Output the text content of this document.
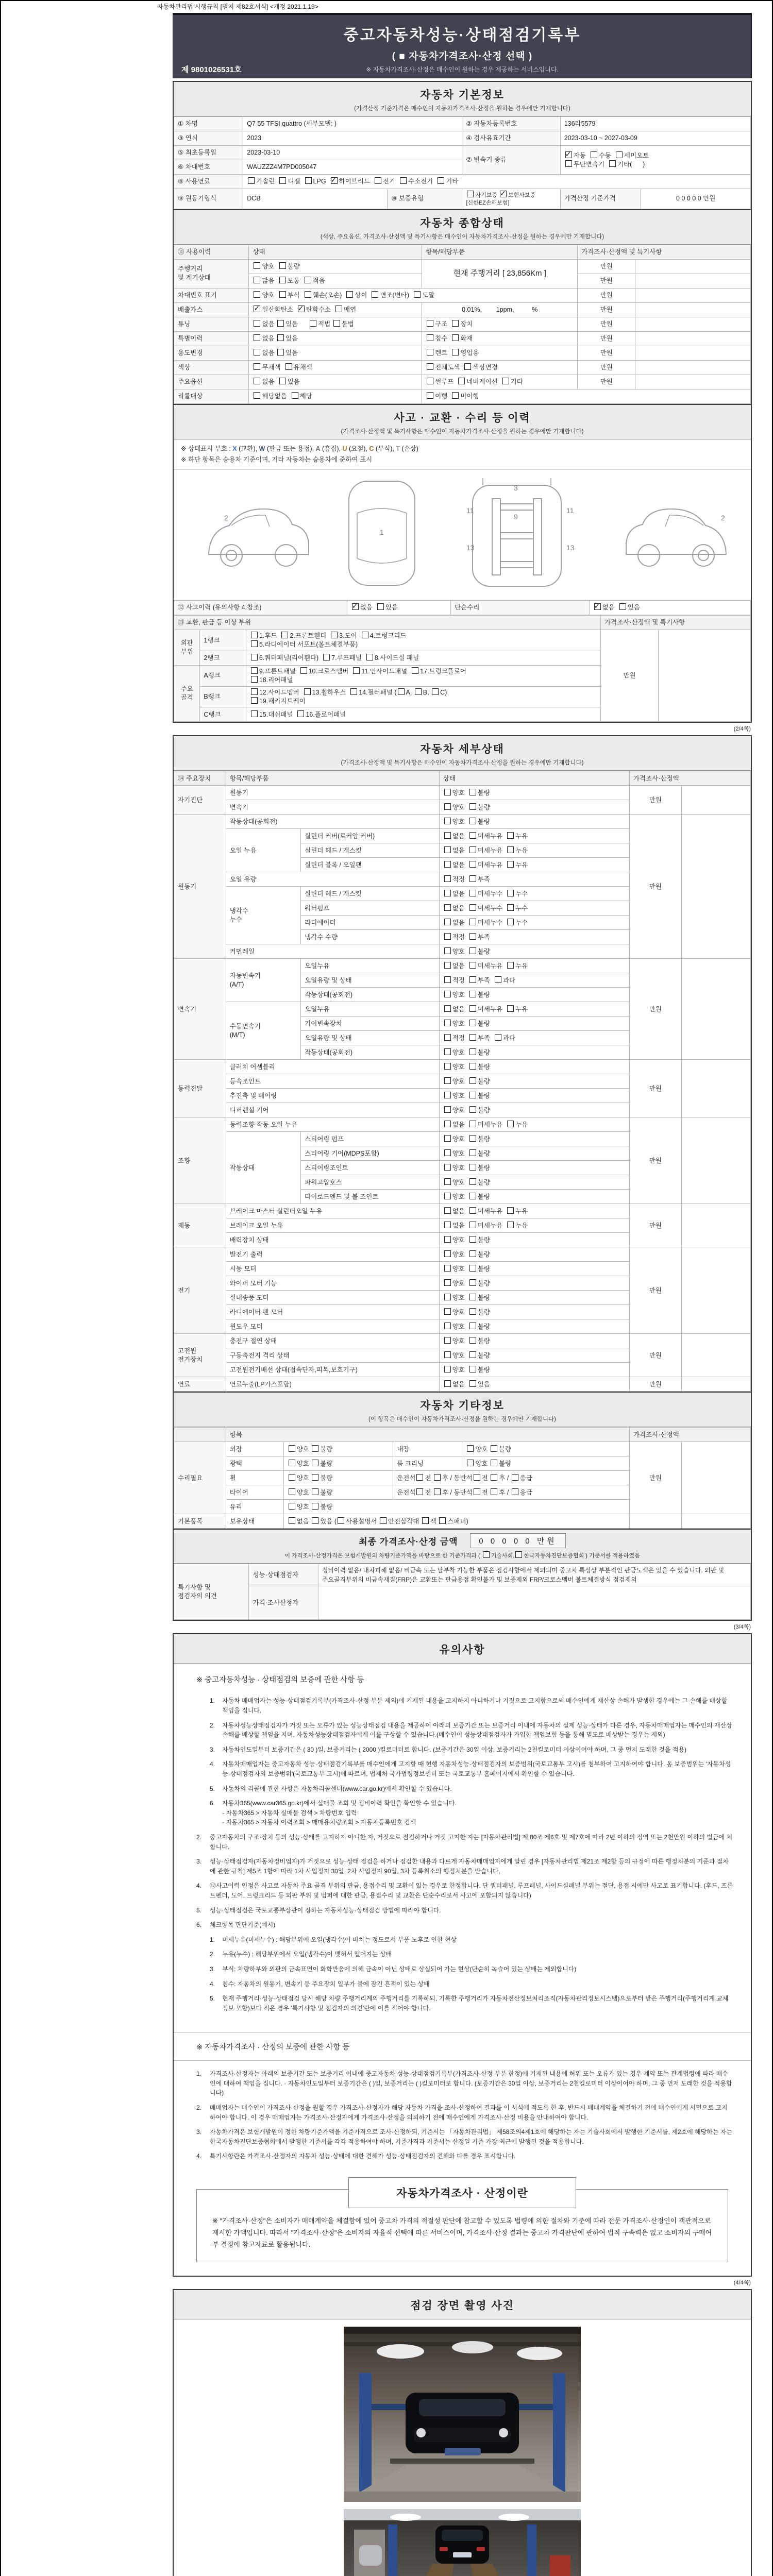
자동차관리법 시행규칙 [별지 제82호서식] <개정 2021.1.19>
중고자동차성능·상태점검기록부
( ■ 자동차가격조사·산정 선택 )
※ 자동차가격조사·산정은 매수인이 원하는 경우 제공하는 서비스입니다.
제 9801026531호
자동차 기본정보
(가격산정 기준가격은 매수인이 자동차가격조사·산정을 원하는 경우에만 기재합니다)
① 차명	Q7 55 TFSI quattro (세부모델: )		② 자동차등록번호	136라5579	
③ 연식	2023		④ 검사유효기간	2023-03-10 ~ 2027-03-09	
⑤ 최초등록일	2023-03-10		⑦ 변속기 종류	✓자동  수동  세미오토
무단변속기  기타(      )
⑥ 차대번호	WAUZZZ4M7PD005047				
⑧ 사용연료	가솔린  디젤  LPG   ✓하이브리드  전기  수소전기  기타
⑨ 원동기형식	DCB	⑩ 보증유형	자기보증  ✓보험사보증 [신한EZ손해보험]	가격산정 기준가격	0 0 0 0 0 만원
자동차 종합상태
(색상, 주요옵션, 가격조사·산정액 및 특기사항은 매수인이 자동차가격조사·산정을 원하는 경우에만 기재합니다)
⑪ 사용이력	상태	항목/해당부품	가격조사·산정액 및 특기사항	
주행거리
및 계기상태	양호  불량	현재 주행거리 [ 23,856Km ]	만원	
	많음  보통  적음		만원	
차대번호 표기	양호  부식  훼손(오손)  상이  변조(변타)  도말		만원	
배출가스	✓일산화탄소   ✓탄화수소  매연	0.01%,        1ppm,          %	만원	
튜닝	없음 있음      적법 불법	구조  장치	만원	
특별이력	없음 있음	침수  화재	만원	
용도변경	없음 있음	렌트  영업용	만원	
색상	무채색  유채색	전체도색  색상변경	만원	
주요옵션	없음  있음	썬루프  네비게이션  기타	만원	
리콜대상	해당없음  해당	이행  미이행		
사고 · 교환 · 수리 등 이력
(가격조사·산정액 및 특기사항은 매수인이 자동차가격조사·산정을 원하는 경우에만 기재합니다)
※ 상태표시 부호 : X (교환), W (판금 또는 용접), A (흠집), U (요철), C (부식), T (손상)
※ 하단 항목은 승용차 기준이며, 기타 자동차는 승용차에 준하여 표시
2
1
3
9
11	11
13	13
2
⑫ 사고이력 (유의사항 4.참조)	✓없음  있음	단순수리	✓없음  있음
⑬ 교환, 판금 등 이상 부위			가격조사·산정액 및 특기사항	
외판
부위	1랭크	1.후드  2.프론트휀더  3.도어  4.트렁크리드
5.라디에이터 서포트(볼트체결부품)	만원	
	2랭크	6.쿼터패널(리어휀다)  7.루프패널  8.사이드실 패널		
주요
골격	A랭크	9.프론트패널  10.크로스멤버  11.인사이드패널  17.트렁크플로어
18.리어패널		
	B랭크	12.사이드멤버  13.휠하우스  14.필러패널 ( A, B, C)
19.패키지트레이		
	C랭크	15.대쉬패널  16.플로어패널		
(2/4쪽)
자동차 세부상태
(가격조사·산정액 및 특기사항은 매수인이 자동차가격조사·산정을 원하는 경우에만 기재합니다)
⑭ 주요장치	항목/해당부품		상태	가격조사·산정액	
자기진단	원동기		양호  불량	만원	
	변속기		양호  불량		
원동기	작동상태(공회전)		양호  불량	만원	
	오일 누유	실린더 커버(로커암 커버)	없음  미세누유  누유		
		실린더 헤드 / 개스킷	없음  미세누유  누유		
		실린더 블록 / 오일팬	없음  미세누유  누유		
	오일 유량		적정  부족		
	냉각수
누수	실린더 헤드 / 개스킷	없음  미세누수  누수		
		워터펌프	없음  미세누수  누수		
		라디에이터	없음  미세누수  누수		
		냉각수 수량	적정  부족		
	커먼레일		양호  불량		
변속기	자동변속기
(A/T)	오일누유	없음  미세누유  누유	만원	
		오일유량 및 상태	적정  부족  과다		
		작동상태(공회전)	양호  불량		
	수동변속기
(M/T)	오일누유	없음  미세누유  누유		
		기어변속장치	양호  불량		
		오일유량 및 상태	적정  부족  과다		
		작동상태(공회전)	양호  불량		
동력전달	클러치 어셈블리		양호  불량	만원	
	등속조인트		양호  불량		
	추진축 및 베어링		양호  불량		
	디퍼렌셜 기어		양호  불량		
조향	동력조향 작동 오일 누유		없음  미세누유  누유	만원	
	작동상태	스티어링 펌프	양호  불량		
		스티어링 기어(MDPS포함)	양호  불량		
		스티어링조인트	양호  불량		
		파워고압호스	양호  불량		
		타이로드엔드 및 볼 조인트	양호  불량		
제동	브레이크 마스터 실린더오일 누유		없음  미세누유  누유	만원	
	브레이크 오일 누유		없음  미세누유  누유		
	배력장치 상태		양호  불량		
전기	발전기 출력		양호  불량	만원	
	시동 모터		양호  불량		
	와이퍼 모터 기능		양호  불량		
	실내송풍 모터		양호  불량		
	라디에이터 팬 모터		양호  불량		
	윈도우 모터		양호  불량		
고전원
전기장치	충전구 절연 상태		양호  불량	만원	
	구동축전지 격리 상태		양호  불량		
	고전원전기배선 상태(접속단자,피복,보호기구)		양호  불량		
연료	연료누출(LP가스포함)		없음  있음	만원	
자동차 기타정보
(이 항목은 매수인이 자동차가격조사·산정을 원하는 경우에만 기재합니다)
	항목				가격조사·산정액	
수리필요	외장	양호 불량	내장	양호 불량	만원	
	광택	양호 불량	룸 크리닝	양호 불량		
	휠	양호 불량	운전석 전 후 / 동반석 전 후 / 응급			
	타이어	양호 불량	운전석 전 후 / 동반석 전 후 / 응급			
	유리	양호 불량				
기본품목	보유상태	없음 있음 ( 사용설명서 안전삼각대 잭 스패너)				
최종 가격조사·산정 금액	0 0 0 0 0 만원
이 가격조사·산정가격은 보험개발원의 차량기준가액을 바탕으로 한 기준가격과 ( 기술사회, 한국자동차진단보증협회 ) 기준서를 적용하였음
특기사항 및
점검자의 의견	성능·상태점검자	정비이력 없음/ 내차피해 없음/ 비금속 또는 탈부착 가능한 부품은 점검사항에서 제외되며 중고차 특성상 부분적인 판금도색은 있을 수 있습니다. 외판 및 주요골격부위의 비금속재질(FRP)은 교환또는 판금용접 확인불가 및 보증제외 FRP/크로스멤버 볼트체결방식 점검제외
	가격·조사산정자	
(3/4쪽)
유의사항
※ 중고자동차성능 · 상태점검의 보증에 관한 사항 등
1.	자동차 매매업자는 성능·상태점검기록부(가격조사·산정 부분 제외)에 기재된 내용을 고지하지 아니하거나 거짓으로 고지함으로써 매수인에게 재산상 손해가 발생한 경우에는 그 손해를 배상할 책임을 집니다.
2.	자동차성능상태점검자가 거짓 또는 오류가 있는 성능상태점검 내용을 제공하여 아래의 보증기간 또는 보증거리 이내에 자동차의 실제 성능·상태가 다른 경우, 자동차매매업자는 매수인의 재산상 손해를 배상할 책임을 지며, 자동차성능상태점검자에게 이를 구상할 수 있습니다.(매수인이 성능상태점검자가 가입한 책임보험 등을 통해 별도로 배상받는 경우는 제외)
3.	자동차인도일부터 보증기간은 ( 30 )일, 보증거리는 ( 2000 )킬로미터로 합니다. (보증기간은 30일 이상, 보증거리는 2천킬로미터 이상이어야 하며, 그 중 먼저 도래한 것을 적용)
4.	자동차매매업자는 중고자동차 성능·상태점검기록부를 매수인에게 고지할 때 현행 자동차성능·상태점검자의 보증범위(국토교통부 고시)를 첨부하여 고지하여야 합니다. 동 보증범위는 '자동차성능·상태점검자의 보증범위'(국토교통부 고시)에 따르며, 법제처 국가법령정보센터 또는 국토교통부 홈페이지에서 확인할 수 있습니다.
5.	자동차의 리콜에 관한 사항은 자동차리콜센터(www.car.go.kr)에서 확인할 수 있습니다.
6.	자동차365(www.car365.go.kr)에서 실매물 조회 및 정비이력 확인을 확인할 수 있습니다.
- 자동차365 > 자동차 실매물 검색 > 차량번호 입력
- 자동차365 > 자동차 이력조회 > 매매용차량조회 > 자동차등록번호 검색
2.	중고자동차의 구조·장치 등의 성능·상태를 고지하지 아니한 자, 거짓으로 점검하거나 거짓 고지한 자는 [자동차관리법] 제 80조 제6호 및 제7호에 따라 2년 이하의 징역 또는 2천만원 이하의 벌금에 처합니다.
3.	성능·상태점검자(자동차정비업자)가 거짓으로 성능·상태 점검을 하거나 점검한 내용과 다르게 자동차매매업자에게 알린 경우 [자동차관리법 제21조 제2항 등의 규정에 따른 행정처분의 기준과 절차에 관한 규칙] 제5조 1항에 따라 1차 사업정지 30일, 2차 사업정지 90일, 3차 등록취소의 행정처분을 받습니다.
4.	⑫사고이력 인정은 사고로 자동차 주요 골격 부위의 판금, 용접수리 및 교환이 있는 경우로 한정합니다. 단 쿼터패널, 루프패널, 사이드실패널 부위는 절단, 용접 시에만 사고로 표기합니다. (후드, 프론트펜더, 도어, 트렁크리드 등 외판 부위 및 범퍼에 대한 판금, 용접수리 및 교환은 단순수리로서 사고에 포함되지 않습니다)
5.	성능·상태점검은 국토교통부장관이 정하는 자동차성능·상태점검 방법에 따라야 합니다.
6.	체크항목 판단기준(예시)
1.	미세누유(미세누수) : 해당부위에 오일(냉각수)이 비치는 정도로서 부품 노후로 인한 현상
2.	누유(누수) : 해당부위에서 오일(냉각수)이 맺혀서 떨어지는 상태
3.	부식: 차량하부와 외판의 금속표면이 화학반응에 의해 금속이 아닌 상태로 상실되어 가는 현상(단순히 녹슬어 있는 상태는 제외합니다)
4.	침수: 자동차의 원동기, 변속기 등 주요장치 일부가 물에 잠긴 흔적이 있는 상태
5.	현재 주행거리·성능·상태점검 당시 해당 차량 주행거리계의 주행거리를 기록하되, 기록한 주행거리가 자동차전산정보처리조직(자동차관리정보시스템)으로부터 받은 주행거리(주행거리계 교체 정보 포함)보다 적은 경우 '특기사항 및 점검자의 의견'란에 이를 적어야 합니다.
※ 자동차가격조사 · 산정의 보증에 관한 사항 등
1.	가격조사·산정자는 아래의 보증기간 또는 보증거리 이내에 중고자동차 성능·상태점검기록부(가격조사·산정 부분 한정)에 기재된 내용에 허위 또는 오류가 있는 경우 계약 또는 관계법령에 따라 매수인에 대하여 책임을 집니다. · 자동차인도일부터 보증기간은 ( )일, 보증거리는 ( )킬로미터로 합니다. (보증기간은 30일 이상, 보증거리는 2천킬로미터 이상이어야 하며, 그 중 먼저 도래한 것을 적용합니다)
2.	매매업자는 매수인이 가격조사·산정을 원할 경우 가격조사·산정자가 해당 자동차 가격을 조사·산정하여 결과를 이 서식에 적도록 한 후, 반드시 매매계약을 체결하기 전에 매수인에게 서면으로 고지하여야 합니다. 이 경우 매매업자는 가격조사·산정자에게 가격조사·산정을 의뢰하기 전에 매수인에게 가격조사·산정 비용을 안내하여야 합니다.
3.	자동차가격은 보험개발원이 정한 차량기준가액을 기준가격으로 조사·산정하되, 기준서는 「자동차관리법」 제58조의4제1호에 해당하는 자는 기술사회에서 발행한 기준서를, 제2호에 해당하는 자는 한국자동차진단보증협회에서 발행한 기준서를 각각 적용하여야 하며, 기준가격과 기준서는 산정일 기준 가장 최근에 발행된 것을 적용합니다.
4.	특기사항란은 가격조사·산정자의 자동차 성능·상태에 대한 견해가 성능·상태점검자의 견해와 다를 경우 표시합니다.
자동차가격조사 · 산정이란
※ "가격조사·산정"은 소비자가 매매계약을 체결함에 있어 중고차 가격의 적절성 판단에 참고할 수 있도록 법령에 의한 절차와 기준에 따라 전문 가격조사·산정인이 객관적으로 제시한 가액입니다. 따라서 "가격조사·산정"은 소비자의 자율적 선택에 따른 서비스이며, 가격조사·산정 결과는 중고차 가격판단에 관하여 법적 구속력은 없고 소비자의 구매여부 결정에 참고자료로 활용됩니다.
(4/4쪽)
점검 장면 촬영 사진
